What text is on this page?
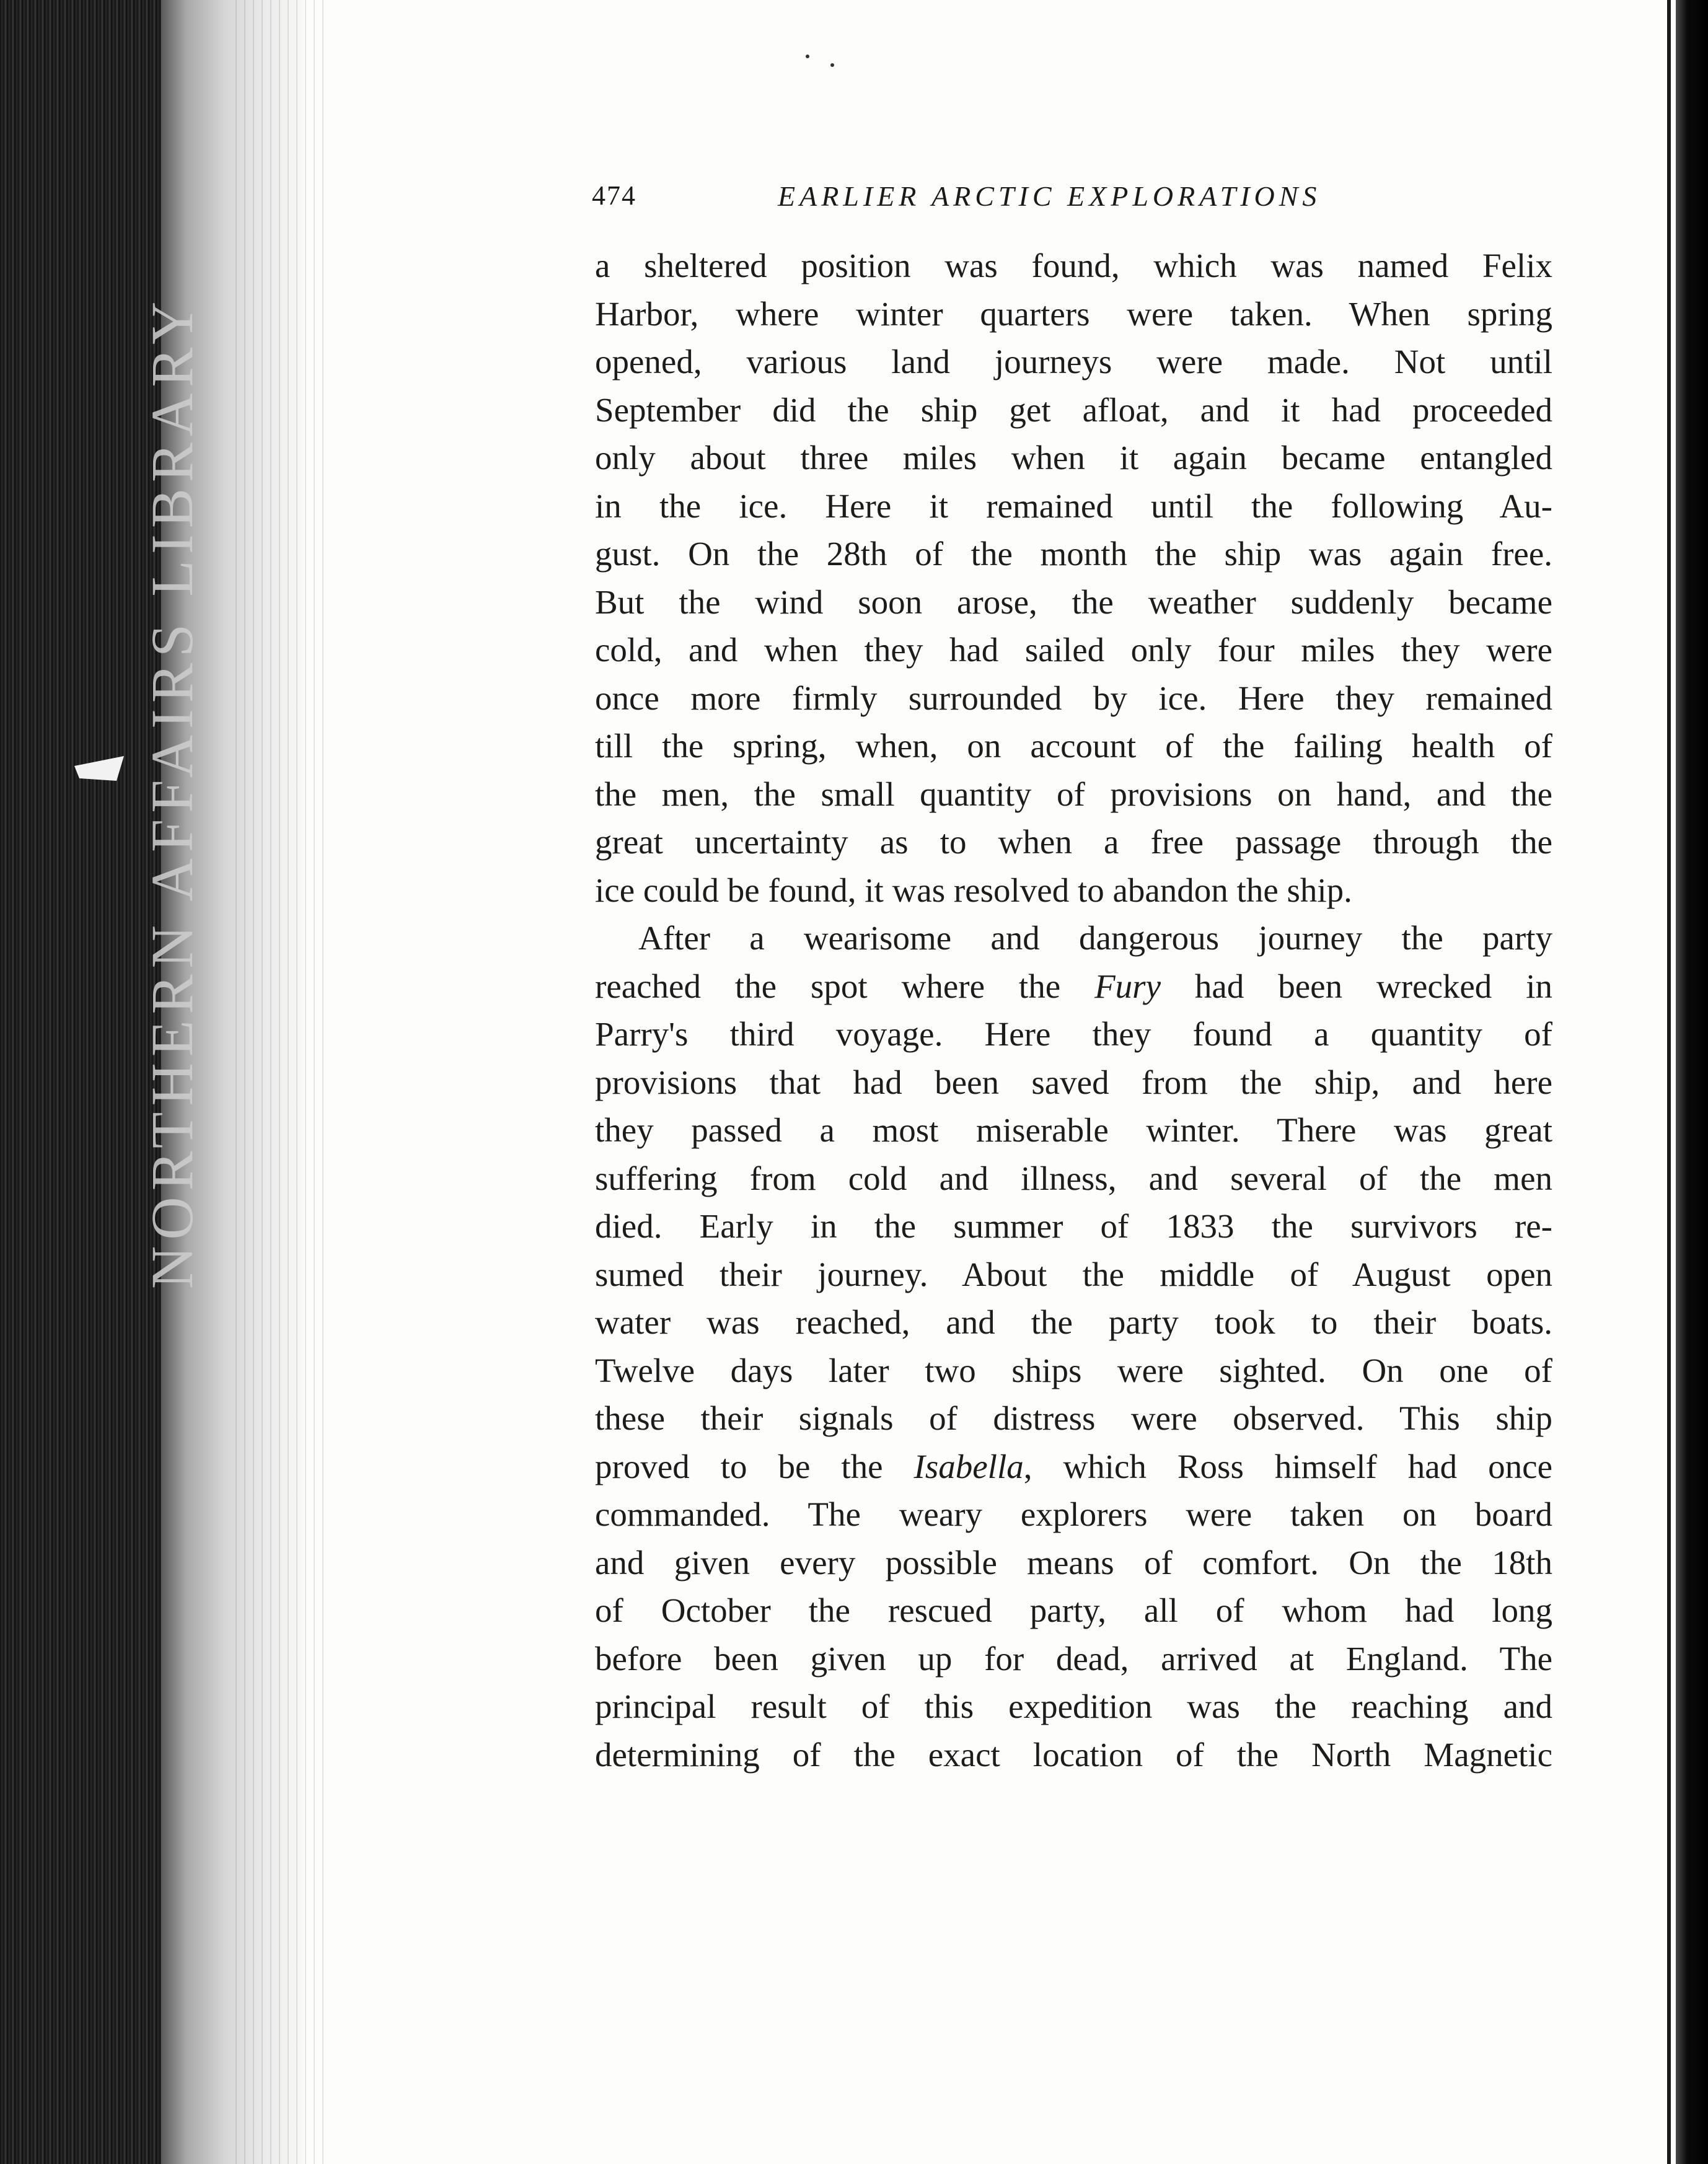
NORTHERN AFFAIRS LIBRARY
474	EARLIER ARCTIC EXPLORATIONS
a sheltered position was found, which was named Felix
Harbor, where winter quarters were taken. When spring
opened, various land journeys were made. Not until
September did the ship get afloat, and it had proceeded
only about three miles when it again became entangled
in the ice. Here it remained until the following Au-
gust. On the 28th of the month the ship was again free.
But the wind soon arose, the weather suddenly became
cold, and when they had sailed only four miles they were
once more firmly surrounded by ice. Here they remained
till the spring, when, on account of the failing health of
the men, the small quantity of provisions on hand, and the
great uncertainty as to when a free passage through the
ice could be found, it was resolved to abandon the ship.
After a wearisome and dangerous journey the party
reached the spot where the Fury had been wrecked in
Parry's third voyage. Here they found a quantity of
provisions that had been saved from the ship, and here
they passed a most miserable winter. There was great
suffering from cold and illness, and several of the men
died. Early in the summer of 1833 the survivors re-
sumed their journey. About the middle of August open
water was reached, and the party took to their boats.
Twelve days later two ships were sighted. On one of
these their signals of distress were observed. This ship
proved to be the Isabella, which Ross himself had once
commanded. The weary explorers were taken on board
and given every possible means of comfort. On the 18th
of October the rescued party, all of whom had long
before been given up for dead, arrived at England. The
principal result of this expedition was the reaching and
determining of the exact location of the North Magnetic
